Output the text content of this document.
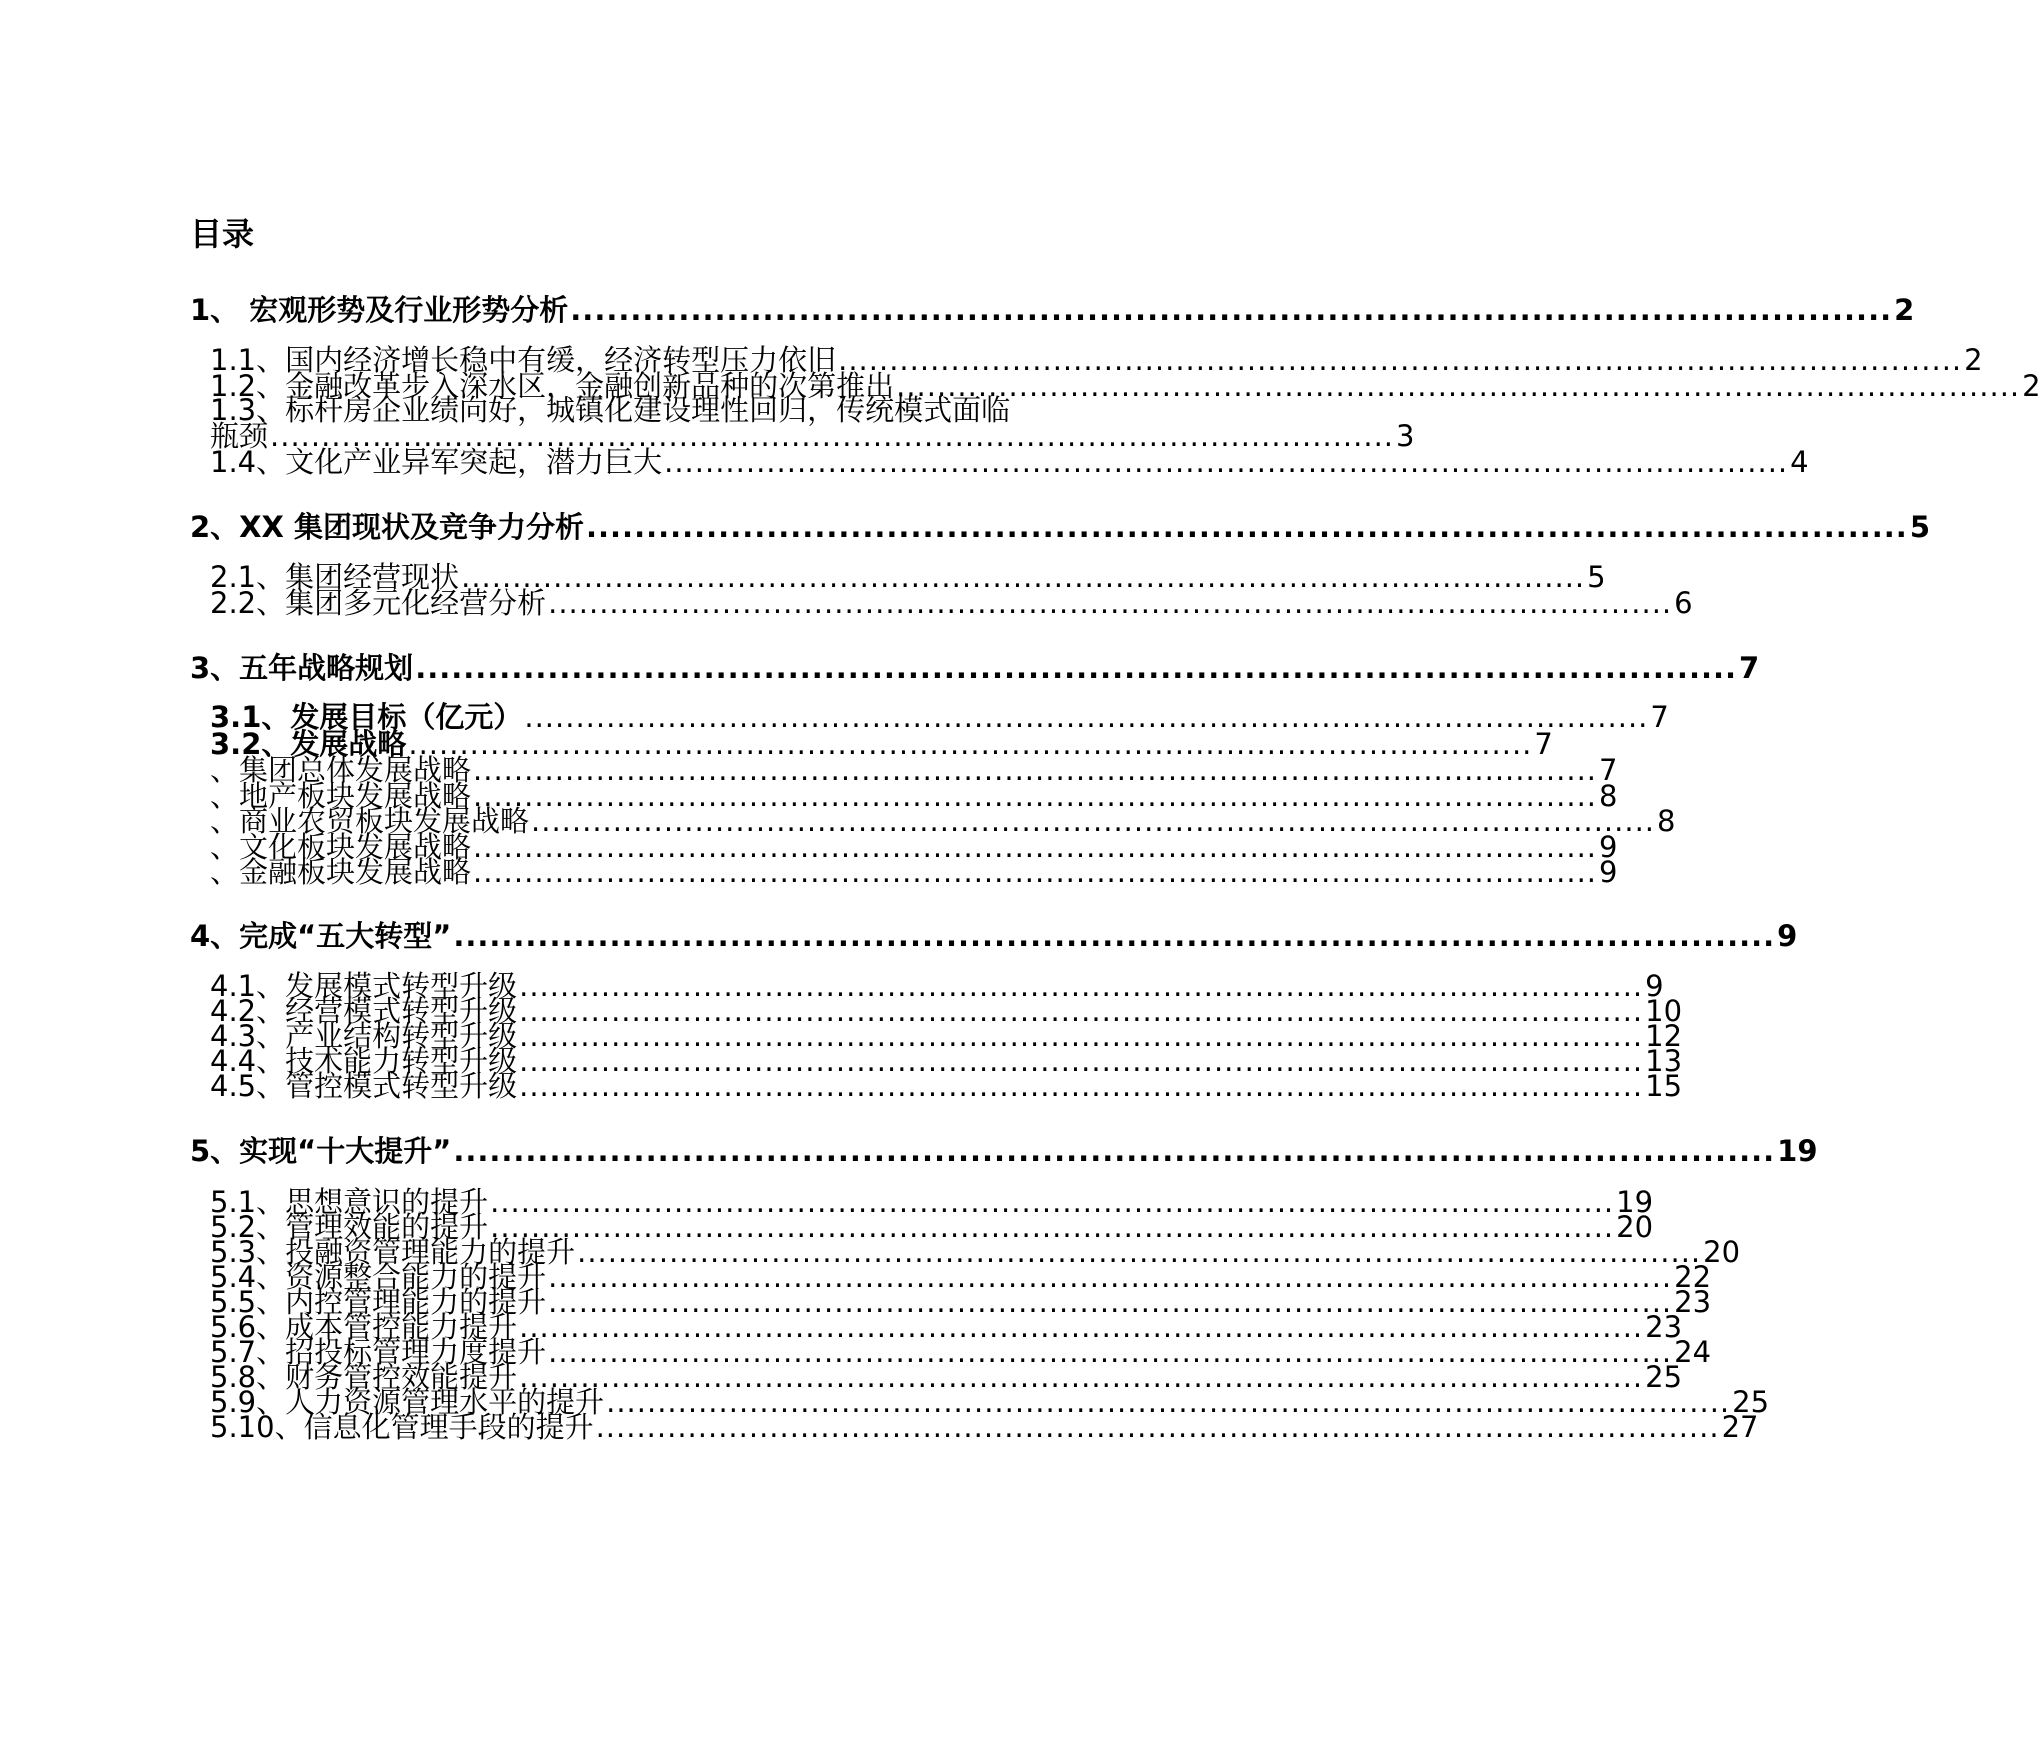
目录
1、 宏观形势及行业形势分析 .............................................................................................................. 2
1.1、国内经济增长稳中有缓，经济转型压力依旧 .............................................................................................................. 2
1.2、金融改革步入深水区，金融创新品种的次第推出 .............................................................................................................. 2
1.3、标杆房企业绩向好，城镇化建设理性回归，传统模式面临
瓶颈 .............................................................................................................. 3
1.4、文化产业异军突起，潜力巨大 .............................................................................................................. 4
2、XX 集团现状及竞争力分析 .............................................................................................................. 5
2.1、集团经营现状 .............................................................................................................. 5
2.2、集团多元化经营分析 .............................................................................................................. 6
3、五年战略规划 .............................................................................................................. 7
3.1、发展目标（亿元） .............................................................................................................. 7
3.2、发展战略 .............................................................................................................. 7
、集团总体发展战略 .............................................................................................................. 7
、地产板块发展战略 .............................................................................................................. 8
、商业农贸板块发展战略 .............................................................................................................. 8
、文化板块发展战略 .............................................................................................................. 9
、金融板块发展战略 .............................................................................................................. 9
4、完成“五大转型” .............................................................................................................. 9
4.1、发展模式转型升级 .............................................................................................................. 9
4.2、经营模式转型升级 .............................................................................................................. 10
4.3、产业结构转型升级 .............................................................................................................. 12
4.4、技术能力转型升级 .............................................................................................................. 13
4.5、管控模式转型升级 .............................................................................................................. 15
5、实现“十大提升” .............................................................................................................. 19
5.1、思想意识的提升 .............................................................................................................. 19
5.2、管理效能的提升 .............................................................................................................. 20
5.3、投融资管理能力的提升 .............................................................................................................. 20
5.4、资源整合能力的提升 .............................................................................................................. 22
5.5、内控管理能力的提升 .............................................................................................................. 23
5.6、成本管控能力提升 .............................................................................................................. 23
5.7、招投标管理力度提升 .............................................................................................................. 24
5.8、财务管控效能提升 .............................................................................................................. 25
5.9、人力资源管理水平的提升 .............................................................................................................. 25
5.10、信息化管理手段的提升 .............................................................................................................. 27
